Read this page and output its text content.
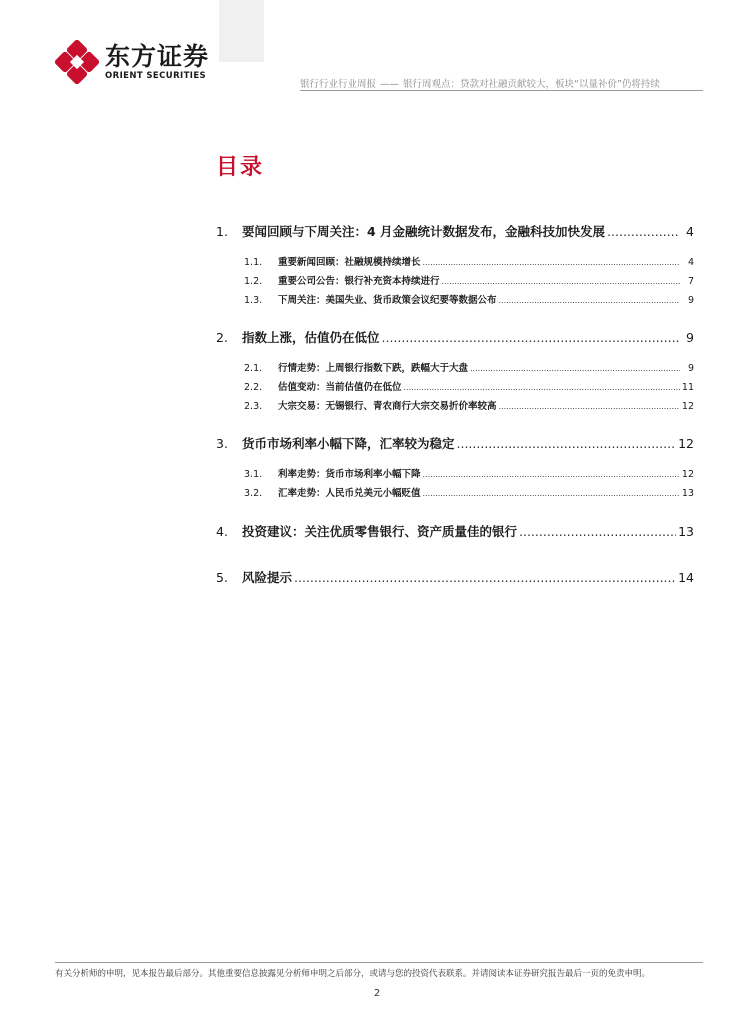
东方证券
ORIENT SECURITIES
银行行业行业周报 —— 银行周观点：贷款对社融贡献较大，板块“以量补价”仍将持续
目录
1.	要闻回顾与下周关注：4 月金融统计数据发布，金融科技加快发展 .....	4
1.1.	重要新闻回顾：社融规模持续增长 .....	4
1.2.	重要公司公告：银行补充资本持续进行 .....	7
1.3.	下周关注：美国失业、货币政策会议纪要等数据公布 .....	9
2.	指数上涨，估值仍在低位 .....	9
2.1.	行情走势：上周银行指数下跌，跌幅大于大盘 .....	9
2.2.	估值变动：当前估值仍在低位 .....	11
2.3.	大宗交易：无锡银行、青农商行大宗交易折价率较高 .....	12
3.	货币市场利率小幅下降，汇率较为稳定 .....	12
3.1.	利率走势：货币市场利率小幅下降 .....	12
3.2.	汇率走势：人民币兑美元小幅贬值 .....	13
4.	投资建议：关注优质零售银行、资产质量佳的银行 .....	13
5.	风险提示 .....	14
有关分析师的申明，见本报告最后部分。其他重要信息披露见分析师申明之后部分，或请与您的投资代表联系。并请阅读本证券研究报告最后一页的免责申明。
2
